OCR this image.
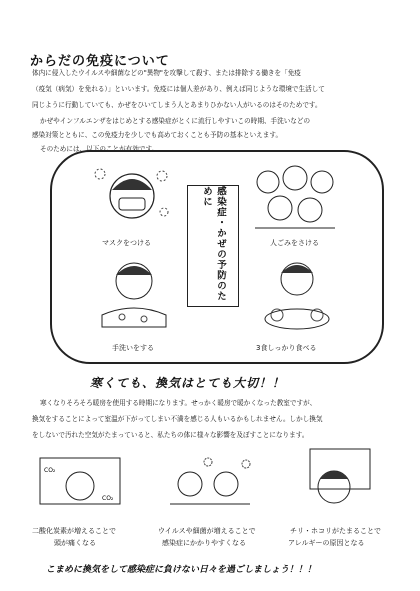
からだの免疫について
体内に侵入したウイルスや細菌などの"異物"を攻撃して殺す、または排除する働きを「免疫
（疫気（病気）を免れる）」といいます。免疫には個人差があり、例えば同じような環境で生活して
同じように行動していても、かぜをひいてしまう人とあまりひかない人がいるのはそのためです。
かぜやインフルエンザをはじめとする感染症がとくに流行しやすいこの時期、手洗いなどの
感染対策とともに、この免疫力を少しでも高めておくことも予防の基本といえます。
そのためには、以下のことが有効です。
感染症・かぜの予防のために
マスクをつける	人ごみをさける
手洗いをする	3食しっかり食べる
寒くても、換気はとても大切！！
寒くなりそろそろ暖房を使用する時期になります。せっかく暖房で暖かくなった教室ですが、
換気をすることによって室温が下がってしまい不満を感じる人もいるかもしれません。しかし換気
をしないで汚れた空気がたまっていると、私たちの体に様々な影響を及ぼすことになります。
CO₂
CO₂
二酸化炭素が増えることで
頭が痛くなる
ウイルスや細菌が増えることで
感染症にかかりやすくなる
チリ・ホコリがたまることで
アレルギーの原因となる
こまめに換気をして感染症に負けない日々を過ごしましょう！！！
